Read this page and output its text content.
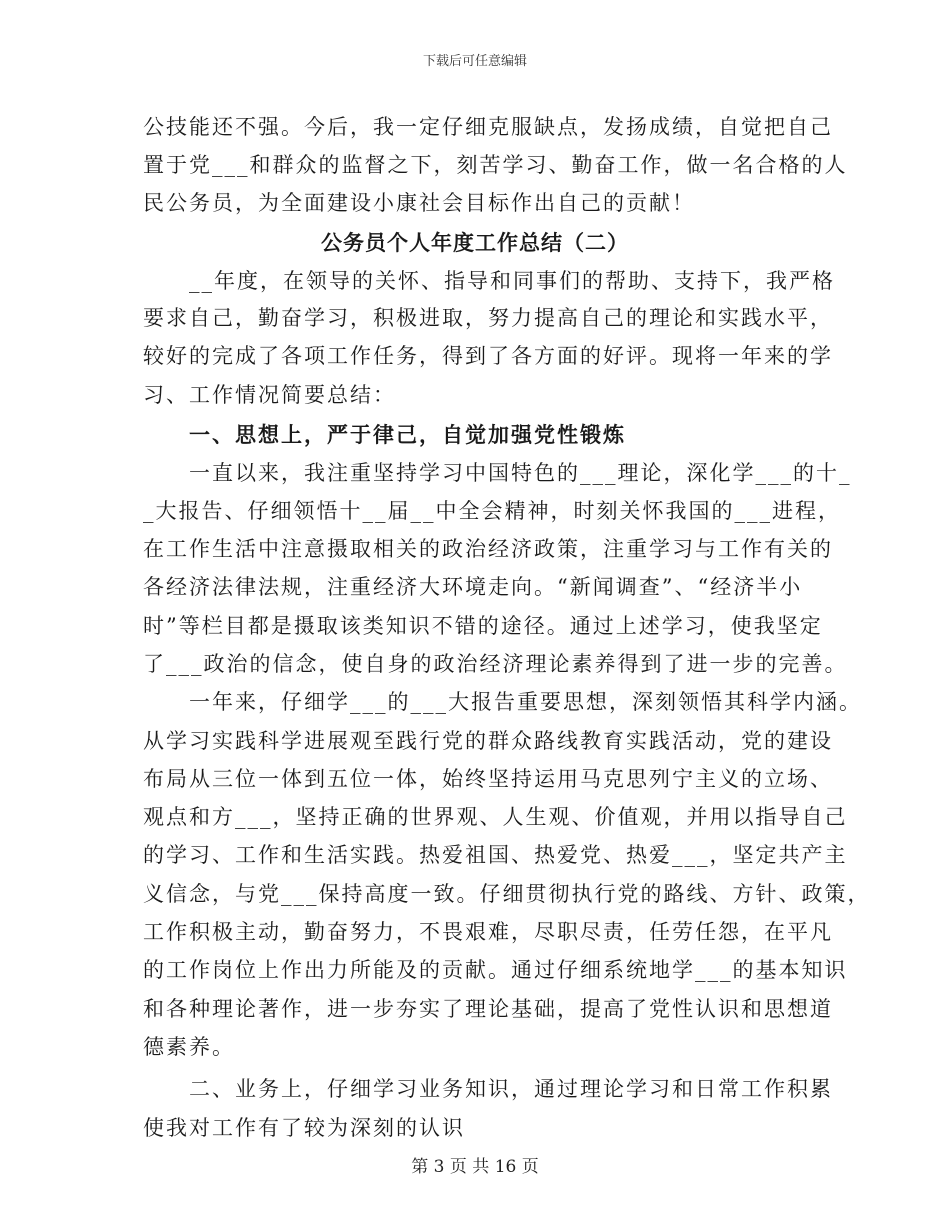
下载后可任意编辑
公技能还不强。今后，我一定仔细克服缺点，发扬成绩，自觉把自己
置于党___和群众的监督之下，刻苦学习、勤奋工作，做一名合格的人
民公务员，为全面建设小康社会目标作出自己的贡献！
公务员个人年度工作总结（二）
　　__年度，在领导的关怀、指导和同事们的帮助、支持下，我严格
要求自己，勤奋学习，积极进取，努力提高自己的理论和实践水平，
较好的完成了各项工作任务，得到了各方面的好评。现将一年来的学
习、工作情况简要总结：
　　一、思想上，严于律己，自觉加强党性锻炼
　　一直以来，我注重坚持学习中国特色的___理论，深化学___的十_
_大报告、仔细领悟十__届__中全会精神，时刻关怀我国的___进程，
在工作生活中注意摄取相关的政治经济政策，注重学习与工作有关的
各经济法律法规，注重经济大环境走向。“新闻调查”、“经济半小
时”等栏目都是摄取该类知识不错的途径。通过上述学习，使我坚定
了___政治的信念，使自身的政治经济理论素养得到了进一步的完善。
　　一年来，仔细学___的___大报告重要思想，深刻领悟其科学内涵。
从学习实践科学进展观至践行党的群众路线教育实践活动，党的建设
布局从三位一体到五位一体，始终坚持运用马克思列宁主义的立场、
观点和方___，坚持正确的世界观、人生观、价值观，并用以指导自己
的学习、工作和生活实践。热爱祖国、热爱党、热爱___，坚定共产主
义信念，与党___保持高度一致。仔细贯彻执行党的路线、方针、政策，
工作积极主动，勤奋努力，不畏艰难，尽职尽责，任劳任怨，在平凡
的工作岗位上作出力所能及的贡献。通过仔细系统地学___的基本知识
和各种理论著作，进一步夯实了理论基础，提高了党性认识和思想道
德素养。
　　二、业务上，仔细学习业务知识，通过理论学习和日常工作积累
使我对工作有了较为深刻的认识
第 3 页 共 16 页
